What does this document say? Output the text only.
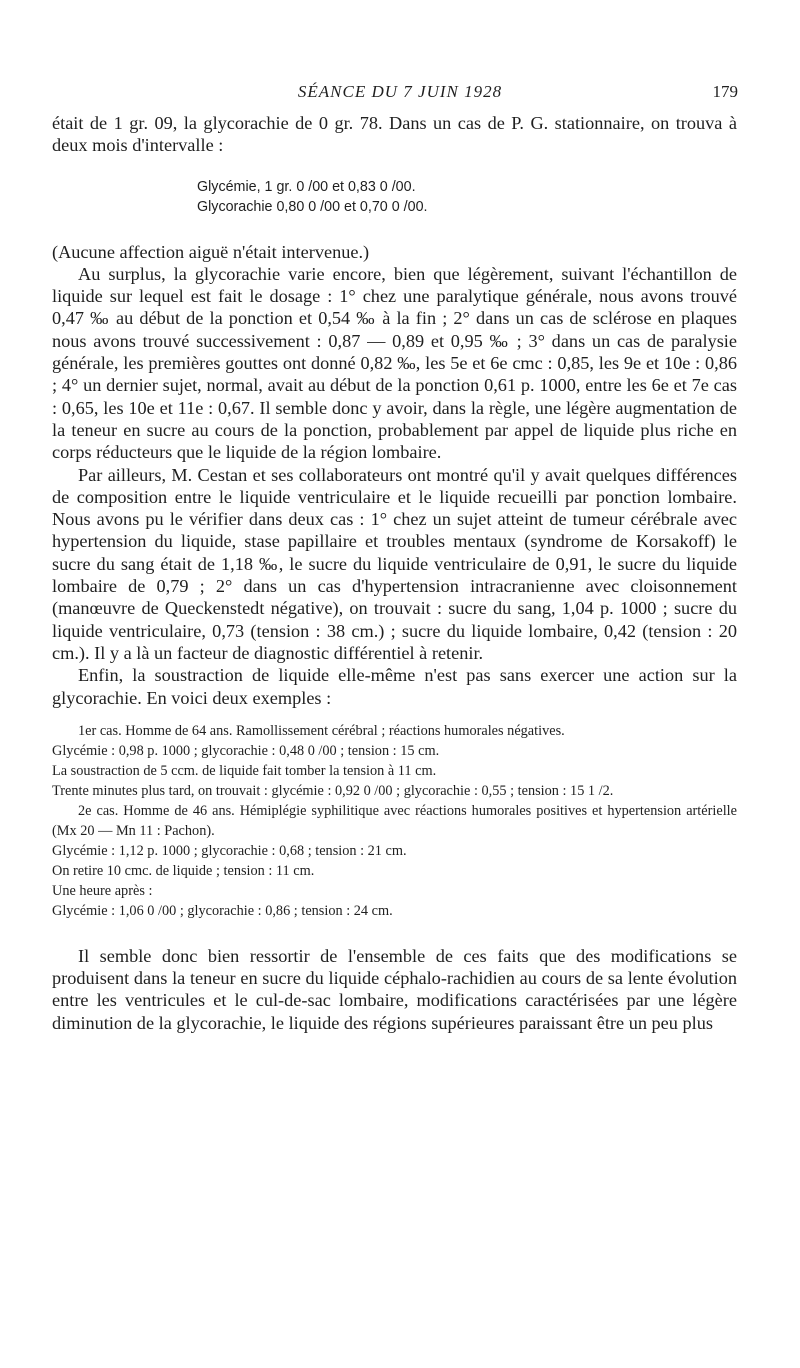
SÉANCE DU 7 JUIN 1928	179

était de 1 gr. 09, la glycorachie de 0 gr. 78. Dans un cas de P. G. stationnaire, on trouva à deux mois d'intervalle :

Glycémie, 1 gr. 0 /00 et 0,83 0 /00.

Glycorachie 0,80 0 /00 et 0,70 0 /00.

(Aucune affection aiguë n'était intervenue.)

Au surplus, la glycorachie varie encore, bien que légèrement, suivant l'échantillon de liquide sur lequel est fait le dosage : 1° chez une paralytique générale, nous avons trouvé 0,47 ‰ au début de la ponction et 0,54 ‰ à la fin ; 2° dans un cas de sclérose en plaques nous avons trouvé successivement : 0,87 — 0,89 et 0,95 ‰ ; 3° dans un cas de paralysie générale, les premières gouttes ont donné 0,82 ‰, les 5e et 6e cmc : 0,85, les 9e et 10e : 0,86 ; 4° un dernier sujet, normal, avait au début de la ponction 0,61 p. 1000, entre les 6e et 7e cas : 0,65, les 10e et 11e : 0,67. Il semble donc y avoir, dans la règle, une légère augmentation de la teneur en sucre au cours de la ponction, probablement par appel de liquide plus riche en corps réducteurs que le liquide de la région lombaire.

Par ailleurs, M. Cestan et ses collaborateurs ont montré qu'il y avait quelques différences de composition entre le liquide ventriculaire et le liquide recueilli par ponction lombaire. Nous avons pu le vérifier dans deux cas : 1° chez un sujet atteint de tumeur cérébrale avec hypertension du liquide, stase papillaire et troubles mentaux (syndrome de Korsakoff) le sucre du sang était de 1,18 ‰, le sucre du liquide ventriculaire de 0,91, le sucre du liquide lombaire de 0,79 ; 2° dans un cas d'hypertension intracranienne avec cloisonnement (manœuvre de Queckenstedt négative), on trouvait : sucre du sang, 1,04 p. 1000 ; sucre du liquide ventriculaire, 0,73 (tension : 38 cm.) ; sucre du liquide lombaire, 0,42 (tension : 20 cm.). Il y a là un facteur de diagnostic différentiel à retenir.

Enfin, la soustraction de liquide elle-même n'est pas sans exercer une action sur la glycorachie. En voici deux exemples :

1er cas. Homme de 64 ans. Ramollissement cérébral ; réactions humorales négatives.

Glycémie : 0,98 p. 1000 ; glycorachie : 0,48 0 /00 ; tension : 15 cm.

La soustraction de 5 ccm. de liquide fait tomber la tension à 11 cm.

Trente minutes plus tard, on trouvait : glycémie : 0,92 0 /00 ; glycorachie : 0,55 ; tension : 15 1 /2.

2e cas. Homme de 46 ans. Hémiplégie syphilitique avec réactions humorales positives et hypertension artérielle (Mx 20 — Mn 11 : Pachon).

Glycémie : 1,12 p. 1000 ; glycorachie : 0,68 ; tension : 21 cm.

On retire 10 cmc. de liquide ; tension : 11 cm.

Une heure après :

Glycémie : 1,06 0 /00 ; glycorachie : 0,86 ; tension : 24 cm.

Il semble donc bien ressortir de l'ensemble de ces faits que des modifications se produisent dans la teneur en sucre du liquide céphalo-rachidien au cours de sa lente évolution entre les ventricules et le cul-de-sac lombaire, modifications caractérisées par une légère diminution de la glycorachie, le liquide des régions supérieures paraissant être un peu plus
